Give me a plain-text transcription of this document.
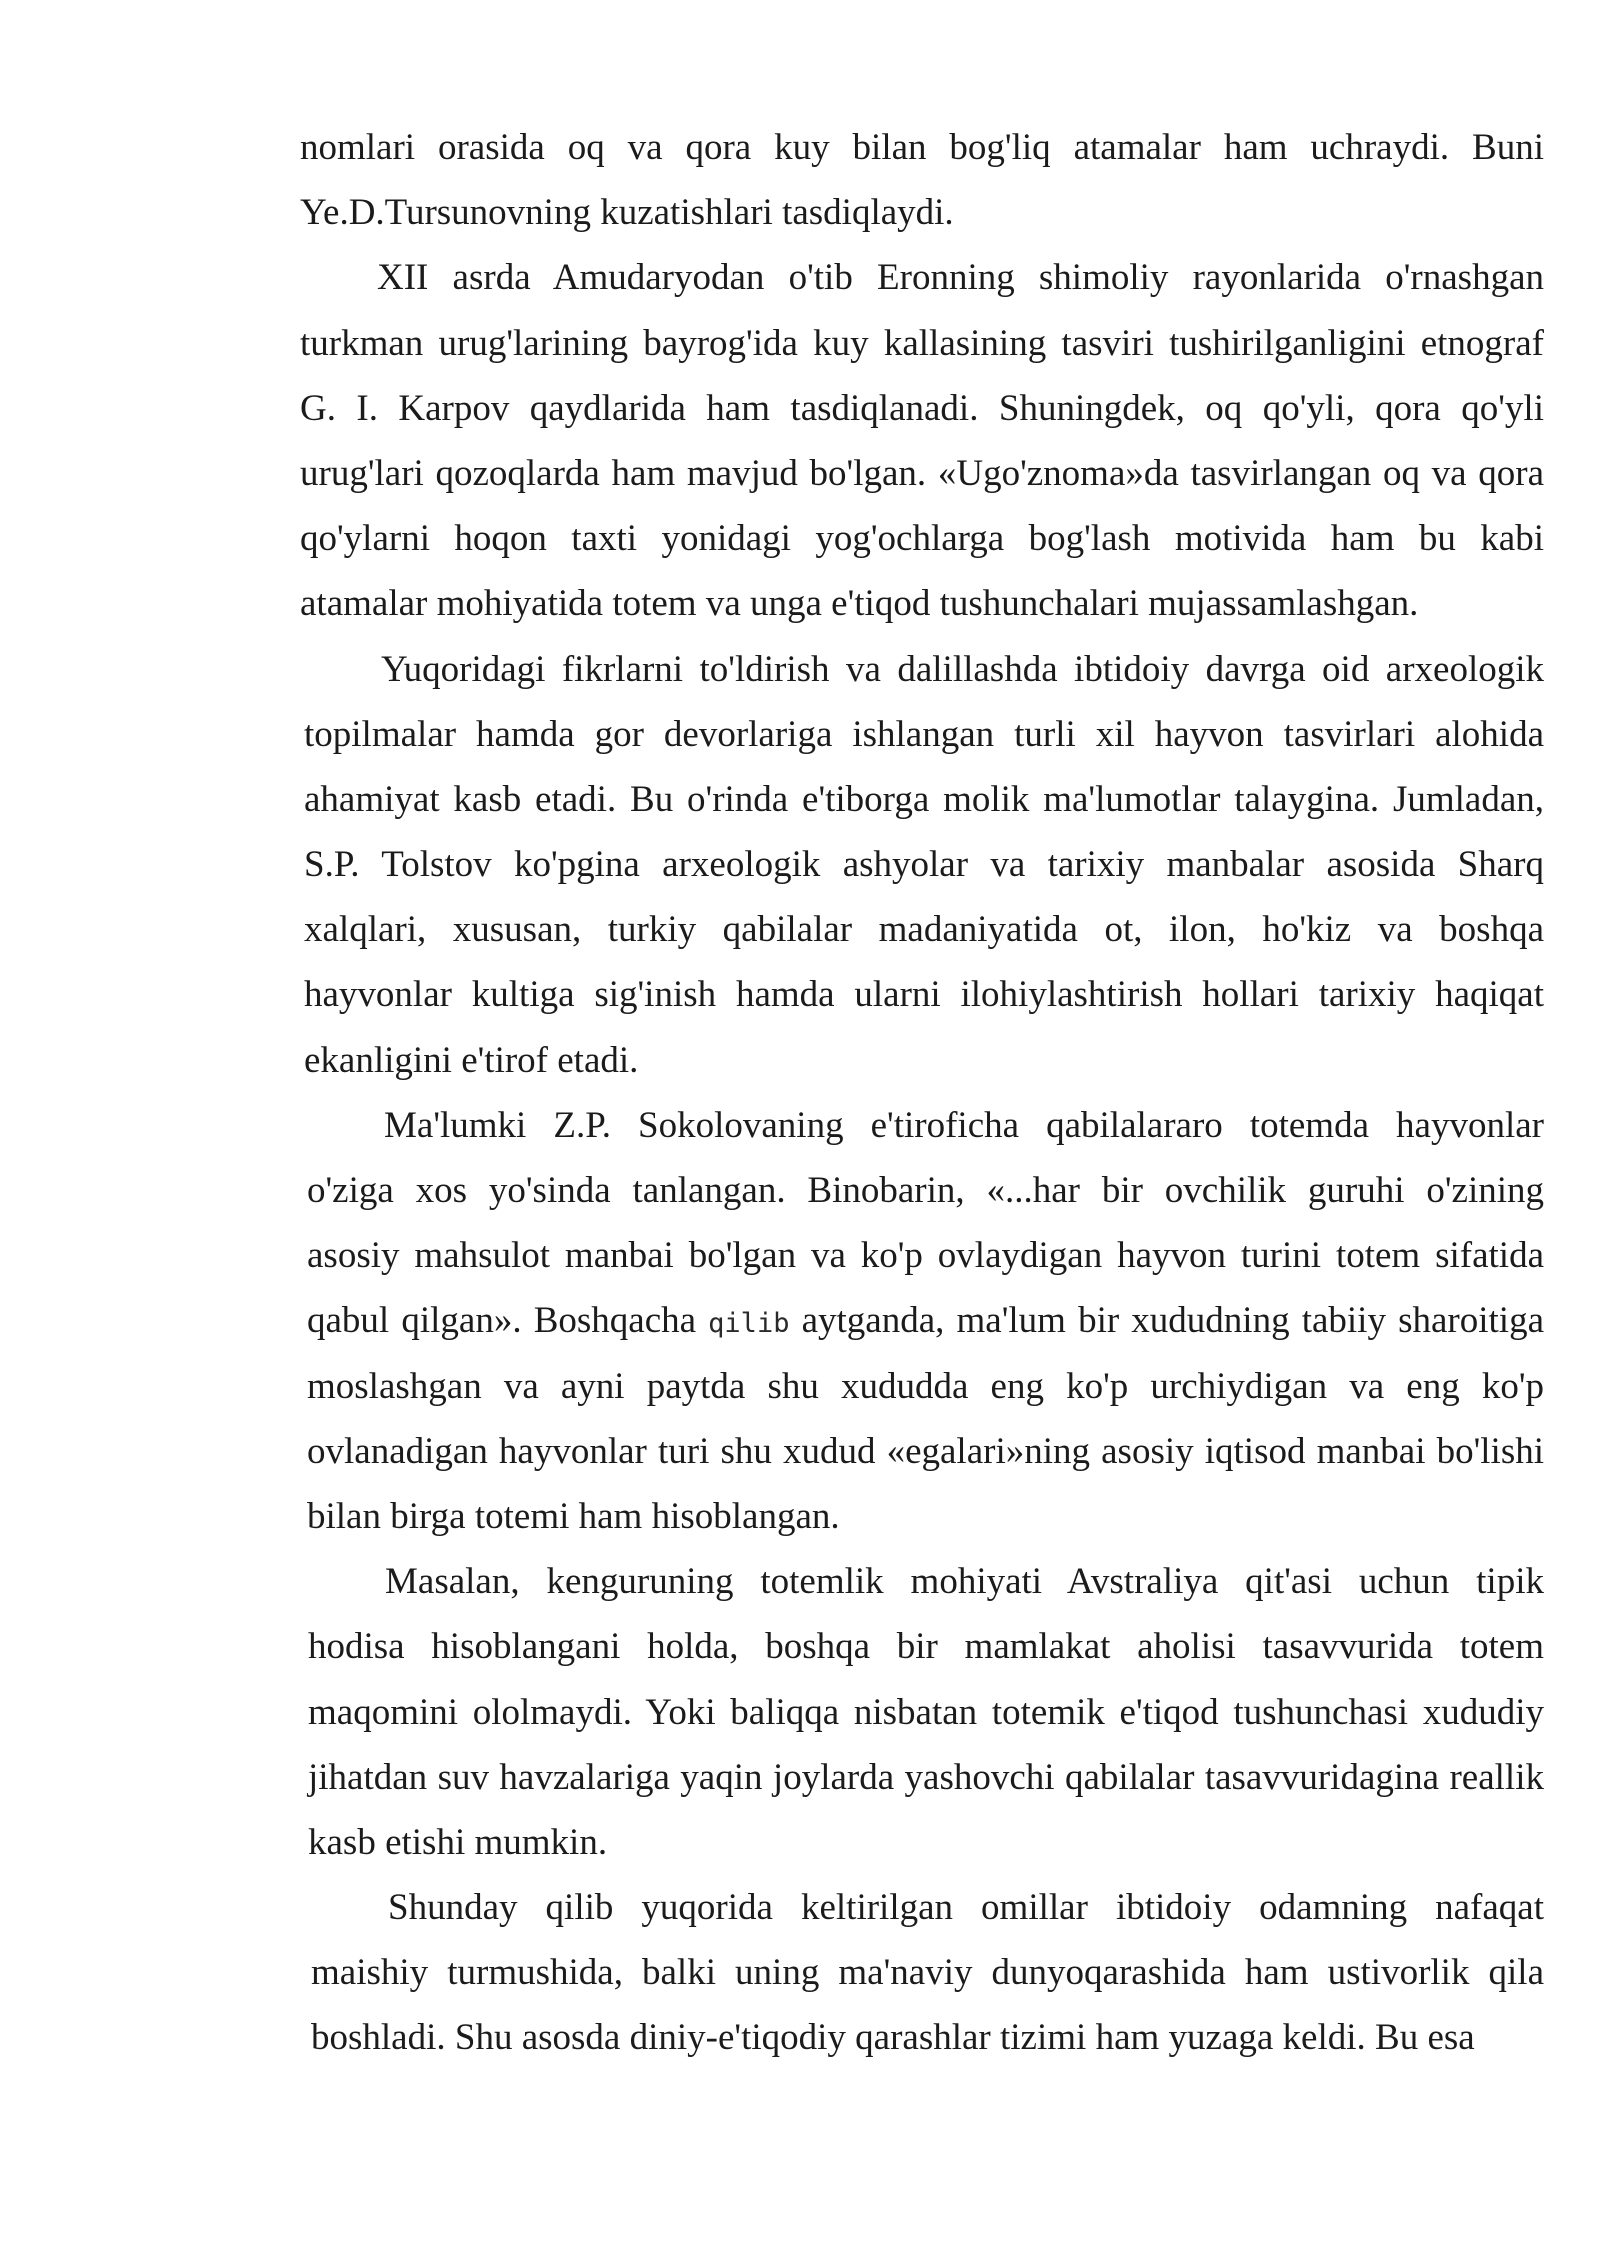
nomlari orasida oq va qora kuy bilan bog'liq atamalar ham uchraydi. Buni
Ye.D.Tursunovning kuzatishlari tasdiqlaydi.
XII asrda Amudaryodan o'tib Eronning shimoliy rayonlarida o'rnashgan
turkman urug'larining bayrog'ida kuy kallasining tasviri tushirilganligini etnograf
G. I. Karpov qaydlarida ham tasdiqlanadi. Shuningdek, oq qo'yli, qora qo'yli
urug'lari qozoqlarda ham mavjud bo'lgan. «Ugo'znoma»da tasvirlangan oq va qora
qo'ylarni hoqon taxti yonidagi yog'ochlarga bog'lash motivida ham bu kabi
atamalar mohiyatida totem va unga e'tiqod tushunchalari mujassamlashgan.
Yuqoridagi fikrlarni to'ldirish va dalillashda ibtidoiy davrga oid arxeologik
topilmalar hamda gor devorlariga ishlangan turli xil hayvon tasvirlari alohida
ahamiyat kasb etadi. Bu o'rinda e'tiborga molik ma'lumotlar talaygina. Jumladan,
S.P. Tolstov ko'pgina arxeologik ashyolar va tarixiy manbalar asosida Sharq
xalqlari, xususan, turkiy qabilalar madaniyatida ot, ilon, ho'kiz va boshqa
hayvonlar kultiga sig'inish hamda ularni ilohiylashtirish hollari tarixiy haqiqat
ekanligini e'tirof etadi.
Ma'lumki Z.P. Sokolovaning e'tiroficha qabilalararo totemda hayvonlar
o'ziga xos yo'sinda tanlangan. Binobarin, «...har bir ovchilik guruhi o'zining
asosiy mahsulot manbai bo'lgan va ko'p ovlaydigan hayvon turini totem sifatida
qabul qilgan». Boshqacha qilib aytganda, ma'lum bir xududning tabiiy sharoitiga
moslashgan va ayni paytda shu xududda eng ko'p urchiydigan va eng ko'p
ovlanadigan hayvonlar turi shu xudud «egalari»ning asosiy iqtisod manbai bo'lishi
bilan birga totemi ham hisoblangan.
Masalan, kenguruning totemlik mohiyati Avstraliya qit'asi uchun tipik
hodisa hisoblangani holda, boshqa bir mamlakat aholisi tasavvurida totem
maqomini ololmaydi. Yoki baliqqa nisbatan totemik e'tiqod tushunchasi xududiy
jihatdan suv havzalariga yaqin joylarda yashovchi qabilalar tasavvuridagina reallik
kasb etishi mumkin.
Shunday qilib yuqorida keltirilgan omillar ibtidoiy odamning nafaqat
maishiy turmushida, balki uning ma'naviy dunyoqarashida ham ustivorlik qila
boshladi. Shu asosda diniy-e'tiqodiy qarashlar tizimi ham yuzaga keldi. Bu esa
